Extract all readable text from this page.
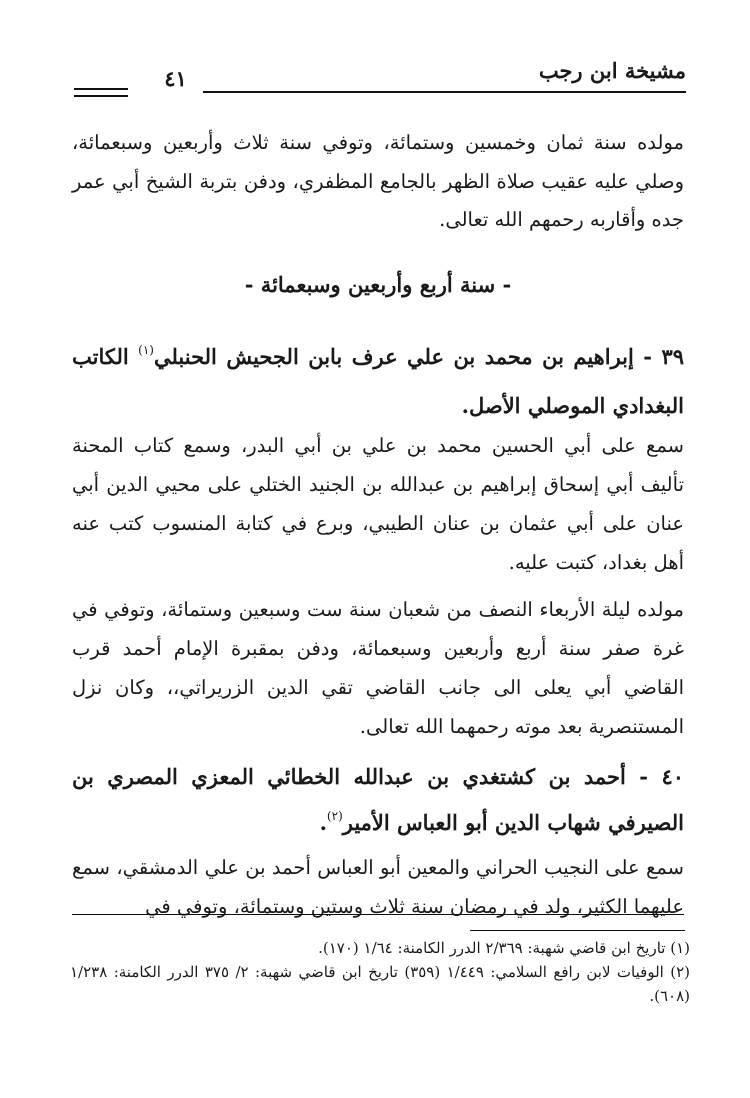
مشيخة ابن رجب
٤١
مولده سنة ثمان وخمسين وستمائة، وتوفي سنة ثلاث وأربعين وسبعمائة، وصلي عليه عقيب صلاة الظهر بالجامع المظفري، ودفن بتربة الشيخ أبي عمر جده وأقاربه رحمهم الله تعالى.
- سنة أربع وأربعين وسبعمائة -
٣٩ - إبراهيم بن محمد بن علي عرف بابن الجحيش الحنبلي$^{(١)}$ الكاتب البغدادي الموصلي الأصل.
سمع على أبي الحسين محمد بن علي بن أبي البدر، وسمع كتاب المحنة تأليف أبي إسحاق إبراهيم بن عبدالله بن الجنيد الختلي على محيي الدين أبي عنان على أبي عثمان بن عنان الطيبي، وبرع في كتابة المنسوب كتب عنه أهل بغداد، كتبت عليه.
مولده ليلة الأربعاء النصف من شعبان سنة ست وسبعين وستمائة، وتوفي في غرة صفر سنة أربع وأربعين وسبعمائة، ودفن بمقبرة الإمام أحمد قرب القاضي أبي يعلى الى جانب القاضي تقي الدين الزريراتي،، وكان نزل المستنصرية بعد موته رحمهما الله تعالى.
٤٠ - أحمد بن كشتغدي بن عبدالله الخطائي المعزي المصري بن الصيرفي شهاب الدين أبو العباس الأمير$^{(٢)}$.
سمع على النجيب الحراني والمعين أبو العباس أحمد بن علي الدمشقي، سمع عليهما الكثير، ولد في رمضان سنة ثلاث وستين وستمائة، وتوفي في
(١) تاريخ ابن قاضي شهبة: ٢/٣٦٩ الدرر الكامنة: ١/٦٤ (١٧٠).
(٢) الوفيات لابن رافع السلامي: ١/٤٤٩ (٣٥٩) تاريخ ابن قاضي شهبة: ٢/ ٣٧٥ الدرر الكامنة: ١/٢٣٨ (٦٠٨).
